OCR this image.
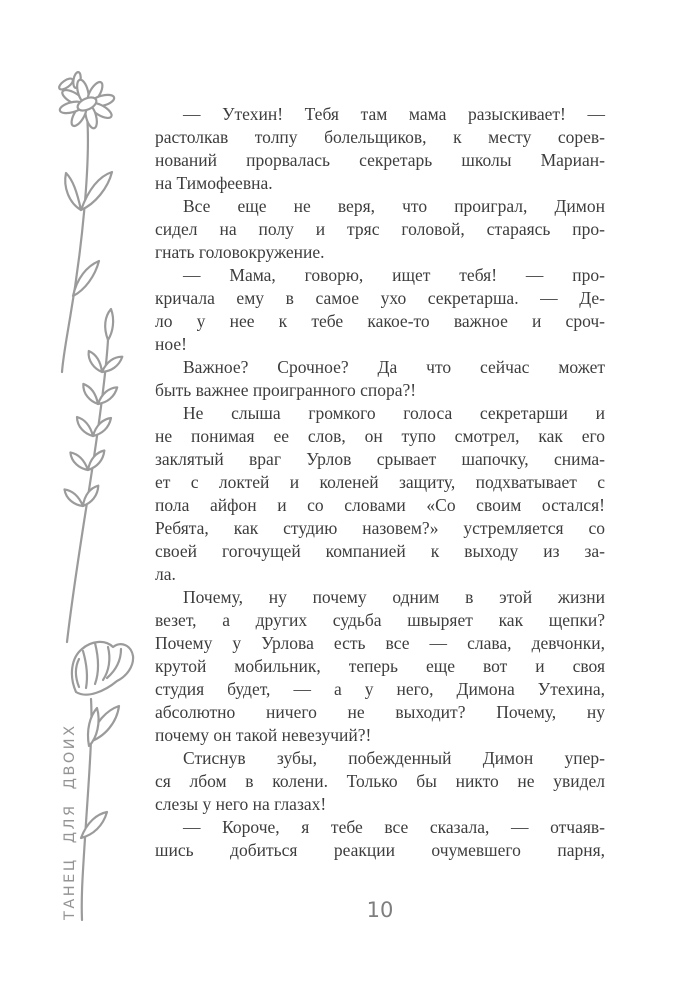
ТАНЕЦ ДЛЯ ДВОИХ

— Утехин! Тебя там мама разыскивает! —
растолкав толпу болельщиков, к месту сорев-
нований прорвалась секретарь школы Мариан-
на Тимофеевна.

Все еще не веря, что проиграл, Димон
сидел на полу и тряс головой, стараясь про-
гнать головокружение.

— Мама, говорю, ищет тебя! — про-
кричала ему в самое ухо секретарша. — Де-
ло у нее к тебе какое-то важное и сроч-
ное!

Важное? Срочное? Да что сейчас может
быть важнее проигранного спора?!

Не слыша громкого голоса секретарши и
не понимая ее слов, он тупо смотрел, как его
заклятый враг Урлов срывает шапочку, снима-
ет с локтей и коленей защиту, подхватывает с
пола айфон и со словами «Со своим остался!
Ребята, как студию назовем?» устремляется со
своей гогочущей компанией к выходу из за-
ла.

Почему, ну почему одним в этой жизни
везет, а других судьба швыряет как щепки?
Почему у Урлова есть все — слава, девчонки,
крутой мобильник, теперь еще вот и своя
студия будет, — а у него, Димона Утехина,
абсолютно ничего не выходит? Почему, ну
почему он такой невезучий?!

Стиснув зубы, побежденный Димон упер-
ся лбом в колени. Только бы никто не увидел
слезы у него на глазах!

— Короче, я тебе все сказала, — отчаяв-
шись добиться реакции очумевшего парня,

10
